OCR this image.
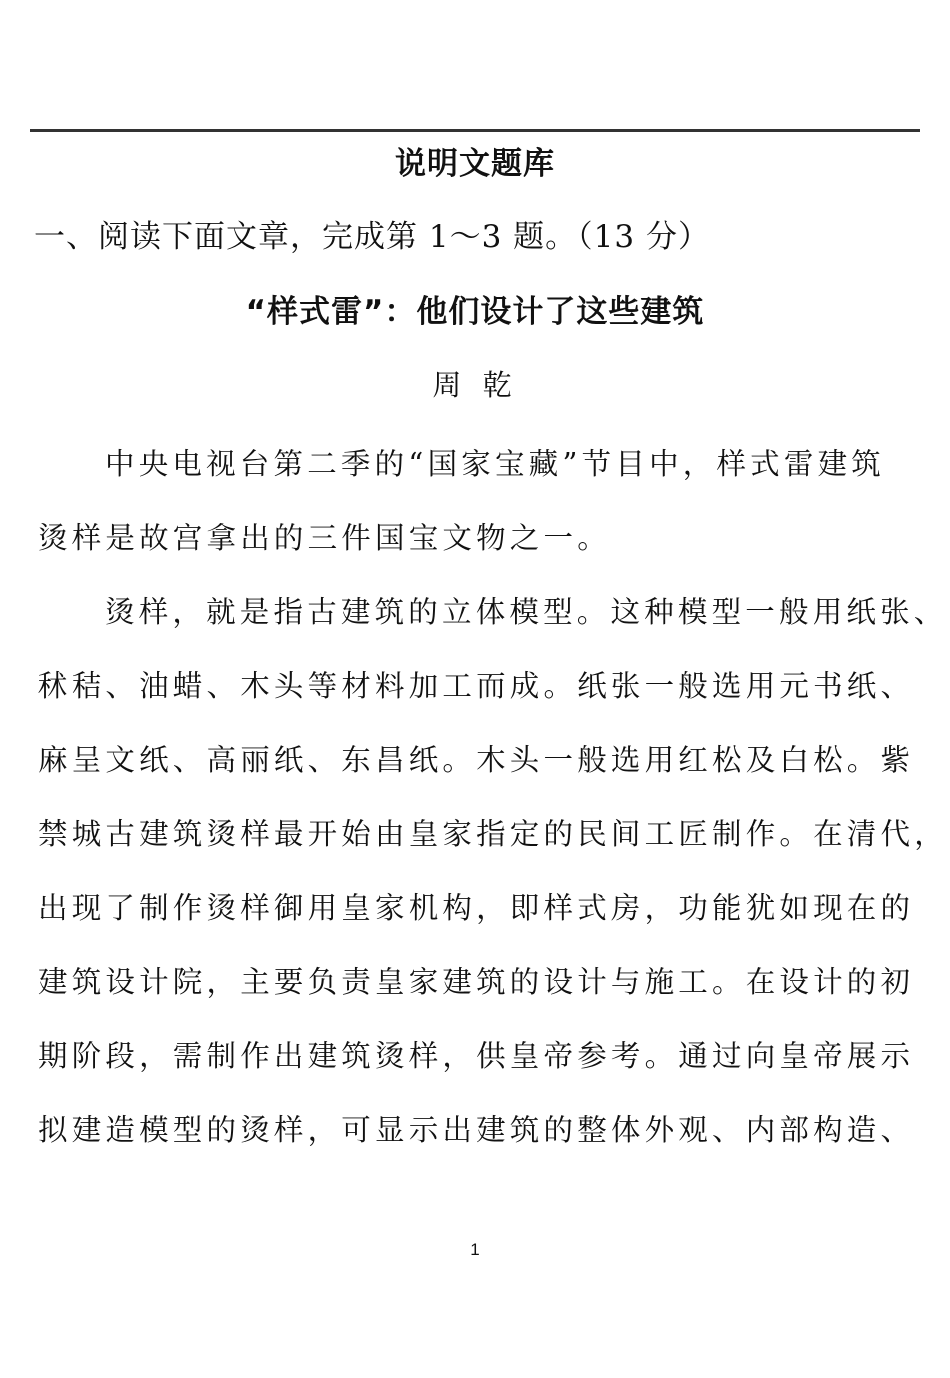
说明文题库
一、阅读下面文章，完成第 1～3 题。（13 分）
“样式雷”：他们设计了这些建筑
周 乾
中央电视台第二季的“国家宝藏”节目中，样式雷建筑
烫样是故宫拿出的三件国宝文物之一。
烫样，就是指古建筑的立体模型。这种模型一般用纸张、
秫秸、油蜡、木头等材料加工而成。纸张一般选用元书纸、
麻呈文纸、高丽纸、东昌纸。木头一般选用红松及白松。紫
禁城古建筑烫样最开始由皇家指定的民间工匠制作。在清代，
出现了制作烫样御用皇家机构，即样式房，功能犹如现在的
建筑设计院，主要负责皇家建筑的设计与施工。在设计的初
期阶段，需制作出建筑烫样，供皇帝参考。通过向皇帝展示
拟建造模型的烫样，可显示出建筑的整体外观、内部构造、
1
